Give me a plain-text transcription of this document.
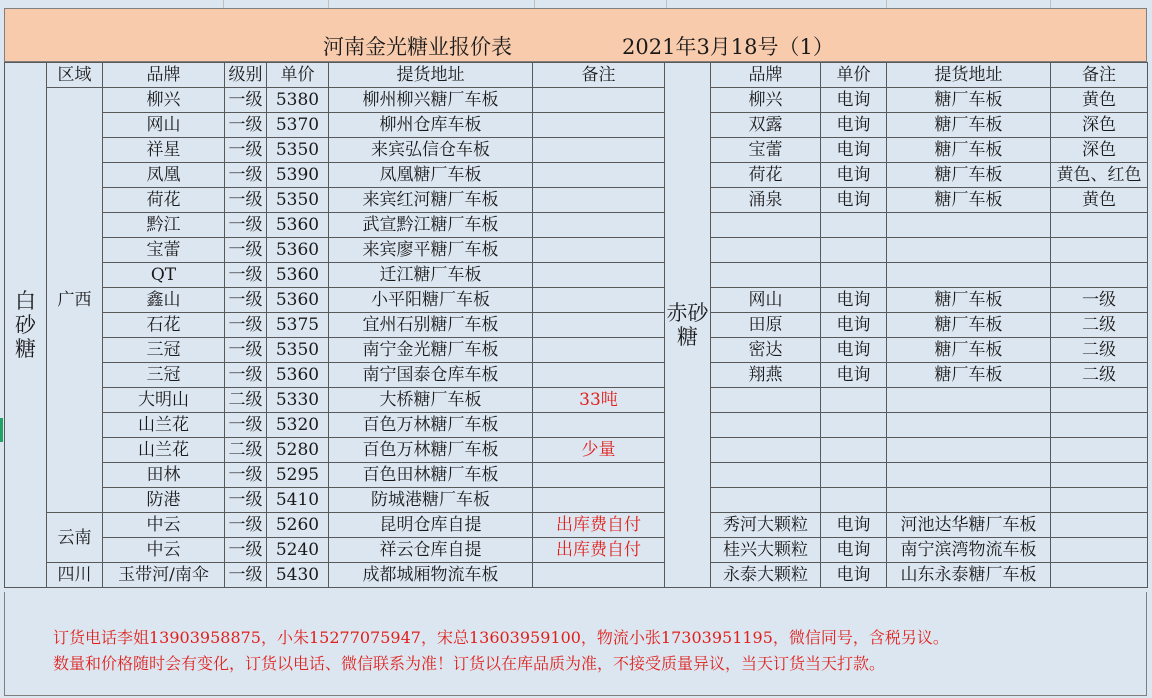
河南金光糖业报价表	2021年3月18号（1）
白砂糖	区域	品牌	级别	单价	提货地址	备注	赤砂糖	品牌	单价	提货地址	备注
	广西	柳兴	一级	5380	柳州柳兴糖厂车板			柳兴	电询	糖厂车板	黄色
		网山	一级	5370	柳州仓库车板			双露	电询	糖厂车板	深色
		祥星	一级	5350	来宾弘信仓车板			宝蕾	电询	糖厂车板	深色
		凤凰	一级	5390	凤凰糖厂车板			荷花	电询	糖厂车板	黄色、红色
		荷花	一级	5350	来宾红河糖厂车板			涌泉	电询	糖厂车板	黄色
		黔江	一级	5360	武宣黔江糖厂车板						
		宝蕾	一级	5360	来宾廖平糖厂车板						
		QT	一级	5360	迁江糖厂车板						
		鑫山	一级	5360	小平阳糖厂车板			网山	电询	糖厂车板	一级
		石花	一级	5375	宜州石别糖厂车板			田原	电询	糖厂车板	二级
		三冠	一级	5350	南宁金光糖厂车板			密达	电询	糖厂车板	二级
		三冠	一级	5360	南宁国泰仓库车板			翔燕	电询	糖厂车板	二级
		大明山	二级	5330	大桥糖厂车板	33吨					
		山兰花	一级	5320	百色万林糖厂车板						
		山兰花	二级	5280	百色万林糖厂车板	少量					
		田林	一级	5295	百色田林糖厂车板						
		防港	一级	5410	防城港糖厂车板						
	云南	中云	一级	5260	昆明仓库自提	出库费自付		秀河大颗粒	电询	河池达华糖厂车板	
		中云	一级	5240	祥云仓库自提	出库费自付		桂兴大颗粒	电询	南宁滨湾物流车板	
	四川	玉带河/南伞	一级	5430	成都城厢物流车板			永泰大颗粒	电询	山东永泰糖厂车板	
订货电话李姐13903958875，小朱15277075947，宋总13603959100，物流小张17303951195，微信同号，含税另议。
数量和价格随时会有变化，订货以电话、微信联系为准！订货以在库品质为准，不接受质量异议，当天订货当天打款。
